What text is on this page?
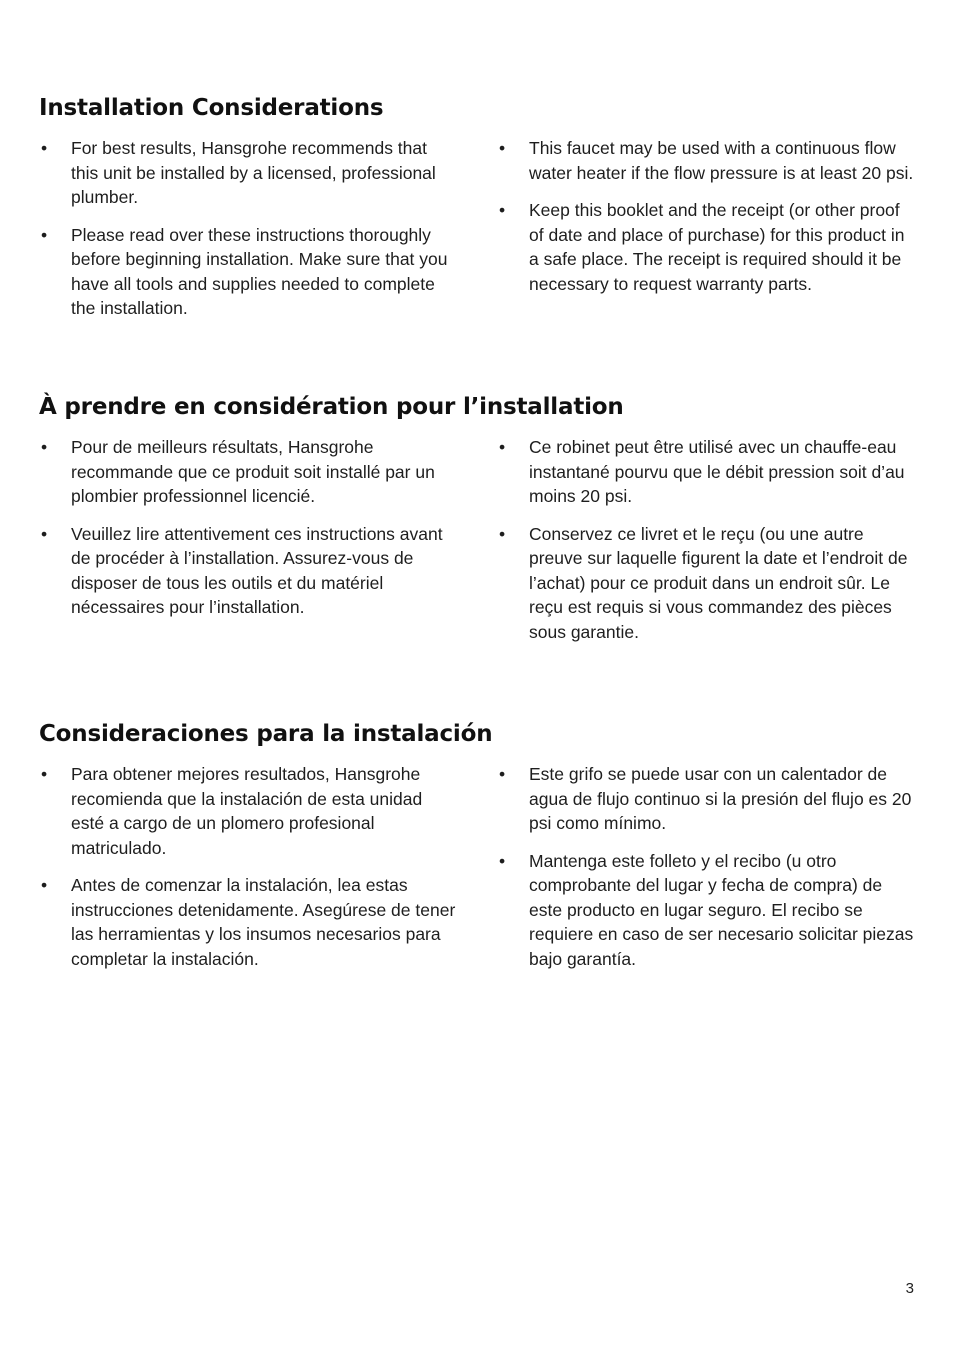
Installation Considerations
• For best results, Hansgrohe recommends that this unit be installed by a licensed, professional plumber.
• Please read over these instructions thoroughly before beginning installation. Make sure that you have all tools and supplies needed to complete the installation.
• This faucet may be used with a continuous flow water heater if the flow pressure is at least 20 psi.
• Keep this booklet and the receipt (or other proof of date and place of purchase) for this product in a safe place. The receipt is required should it be necessary to request warranty parts.
À prendre en considération pour l’installation
• Pour de meilleurs résultats, Hansgrohe recommande que ce produit soit installé par un plombier professionnel licencié.
• Veuillez lire attentivement ces instructions avant de procéder à l’installation. Assurez-vous de disposer de tous les outils et du matériel nécessaires pour l’installation.
• Ce robinet peut être utilisé avec un chauffe-eau instantané pourvu que le débit pression soit d’au moins 20 psi.
• Conservez ce livret et le reçu (ou une autre preuve sur laquelle figurent la date et l’endroit de l’achat) pour ce produit dans un endroit sûr. Le reçu est requis si vous commandez des pièces sous garantie.
Consideraciones para la instalación
• Para obtener mejores resultados, Hansgrohe recomienda que la instalación de esta unidad esté a cargo de un plomero profesional matriculado.
• Antes de comenzar la instalación, lea estas instrucciones detenidamente. Asegúrese de tener las herramientas y los insumos necesarios para completar la instalación.
• Este grifo se puede usar con un calentador de agua de flujo continuo si la presión del flujo es 20 psi como mínimo.
• Mantenga este folleto y el recibo (u otro comprobante del lugar y fecha de compra) de este producto en lugar seguro. El recibo se requiere en caso de ser necesario solicitar piezas bajo garantía.
3
